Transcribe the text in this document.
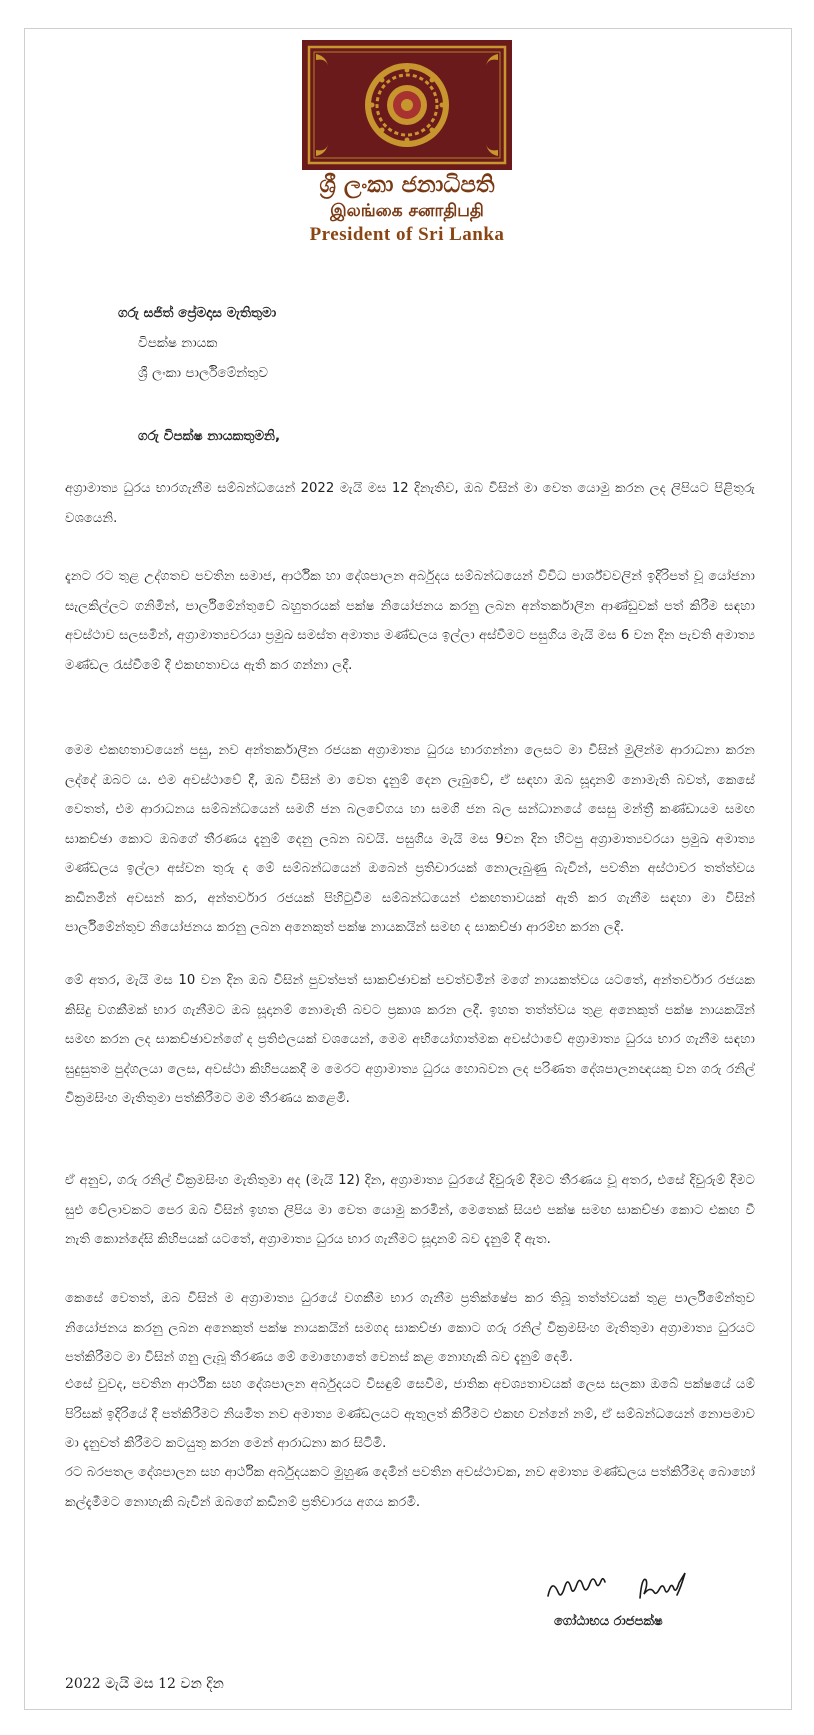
ශ්‍රී ලංකා ජනාධිපති
இலங்கை சனாதிபதி
President of Sri Lanka
ගරු සජිත් ප්‍රේමදාස මැතිතුමා
විපක්ෂ නායක
ශ්‍රී ලංකා පාර්ලිමේන්තුව
ගරු විපක්ෂ නායකතුමනි,
අග්‍රාමාත්‍ය ධුරය භාරගැනීම සම්බන්ධයෙන් 2022 මැයි මස 12 දිනැතිව, ඔබ විසින් මා වෙත යොමු කරන ලද ලිපියට පිළිතුරු වශයෙනි.
දැනට රට තුළ උද්ගතව පවතින සමාජ, ආර්ථික හා දේශපාලන අර්බුදය සම්බන්ධයෙන් විවිධ පාර්ශ්වවලින් ඉදිරිපත් වූ යෝජනා සැලකිල්ලට ගනිමින්, පාර්ලිමේන්තුවේ බහුතරයක් පක්ෂ නියෝජනය කරනු ලබන අන්තර්කාලීන ආණ්ඩුවක් පත් කිරීම සඳහා අවස්ථාව සලසමින්, අග්‍රාමාත්‍යවරයා ප්‍රමුඛ සමස්ත අමාත්‍ය මණ්ඩලය ඉල්ලා අස්වීමට පසුගිය මැයි මස 6 වන දින පැවති අමාත්‍ය මණ්ඩල රැස්වීමේ දී එකඟතාවය ඇති කර ගන්නා ලදී.
මෙම එකඟතාවයෙන් පසු, නව අන්තර්කාලීන රජයක අග්‍රාමාත්‍ය ධුරය භාරගන්නා ලෙසට මා විසින් මුලින්ම ආරාධනා කරන ලද්දේ ඔබට ය. එම අවස්ථාවේ දී, ඔබ විසින් මා වෙත දැනුම් දෙන ලැබුවේ, ඒ සඳහා ඔබ සූදානම් නොමැති බවත්, කෙසේ වෙතත්, එම ආරාධනය සම්බන්ධයෙන් සමගි ජන බලවේගය හා සමගි ජන බල සන්ධානයේ සෙසු මන්ත්‍රී කණ්ඩායම සමඟ සාකච්ඡා කොට ඔබගේ තීරණය දැනුම් දෙනු ලබන බවයි. පසුගිය මැයි මස 9වන දින හිටපු අග්‍රාමාත්‍යවරයා ප්‍රමුඛ අමාත්‍ය මණ්ඩලය ඉල්ලා අස්වන තුරු ද මේ සම්බන්ධයෙන් ඔබෙන් ප්‍රතිචාරයක් නොලැබුණු බැවින්, පවතින අස්ථාවර තත්ත්වය කඩිනමින් අවසන් කර, අන්තර්වාර රජයක් පිහිටුවීම සම්බන්ධයෙන් එකඟතාවයක් ඇති කර ගැනීම සඳහා මා විසින් පාර්ලිමේන්තුව නියෝජනය කරනු ලබන අනෙකුත් පක්ෂ නායකයින් සමඟ ද සාකච්ඡා ආරම්භ කරන ලදී.
මේ අතර, මැයි මස 10 වන දින ඔබ විසින් පුවත්පත් සාකච්ඡාවක් පවත්වමින් මගේ නායකත්වය යටතේ, අන්තර්වාර රජයක කිසිදු වගකීමක් භාර ගැනීමට ඔබ සූදානම් නොමැති බවට ප්‍රකාශ කරන ලදී. ඉහත තත්ත්වය තුළ අනෙකුත් පක්ෂ නායකයින් සමඟ කරන ලද සාකච්ඡාවන්ගේ ද ප්‍රතිඵලයක් වශයෙන්, මෙම අභියෝගාත්මක අවස්ථාවේ අග්‍රාමාත්‍ය ධුරය භාර ගැනීම සඳහා සුදුසුතම පුද්ගලයා ලෙස, අවස්ථා කිහිපයකදී ම මෙරට අග්‍රාමාත්‍ය ධුරය හොබවන ලද පරිණත දේශපාලනඥයකු වන ගරු රනිල් වික්‍රමසිංහ මැතිතුමා පත්කිරීමට මම තීරණය කළෙමි.
ඒ අනුව, ගරු රනිල් වික්‍රමසිංහ මැතිතුමා අද (මැයි 12) දින, අග්‍රාමාත්‍ය ධුරයේ දිවුරුම් දීමට තීරණය වූ අතර, එසේ දිවුරුම් දීමට සුළු වේලාවකට පෙර ඔබ විසින් ඉහත ලිපිය මා වෙත යොමු කරමින්, මෙතෙක් සියළු පක්ෂ සමඟ සාකච්ඡා කොට එකඟ වී නැති කොන්දේසි කිහිපයක් යටතේ, අග්‍රාමාත්‍ය ධුරය භාර ගැනීමට සූදානම් බව දැනුම් දී ඇත.
කෙසේ වෙතත්, ඔබ විසින් ම අග්‍රාමාත්‍ය ධුරයේ වගකීම භාර ගැනීම ප්‍රතික්ෂේප කර තිබූ තත්ත්වයක් තුළ පාර්ලිමේන්තුව නියෝජනය කරනු ලබන අනෙකුත් පක්ෂ නායකයින් සමගද සාකච්ඡා කොට ගරු රනිල් වික්‍රමසිංහ මැතිතුමා අග්‍රාමාත්‍ය ධුරයට පත්කිරීමට මා විසින් ගනු ලැබූ තීරණය මේ මොහොතේ වෙනස් කළ නොහැකි බව දැනුම් දෙමි.
එසේ වුවද, පවතින ආර්ථික සහ දේශපාලන අර්බුදයට විසඳුම් සෙවීම, ජාතික අවශ්‍යතාවයක් ලෙස සලකා ඔබේ පක්ෂයේ යම් පිරිසක් ඉදිරියේ දී පත්කිරීමට නියමිත නව අමාත්‍ය මණ්ඩලයට ඇතුලත් කිරීමට එකඟ වන්නේ නම්, ඒ සම්බන්ධයෙන් නොපමාව මා දැනුවත් කිරීමට කටයුතු කරන මෙන් ආරාධනා කර සිටිමි.
රට බරපතල දේශපාලන සහ ආර්ථික අර්බුදයකට මුහුණ දෙමින් පවතින අවස්ථාවක, නව අමාත්‍ය මණ්ඩලය පත්කිරීමද බොහෝ කල්දැමීමට නොහැකි බැවින් ඔබගේ කඩිනම් ප්‍රතිචාරය අගය කරමි.
ගෝඨාභය රාජපක්ෂ
2022 මැයි මස 12 වන දින
